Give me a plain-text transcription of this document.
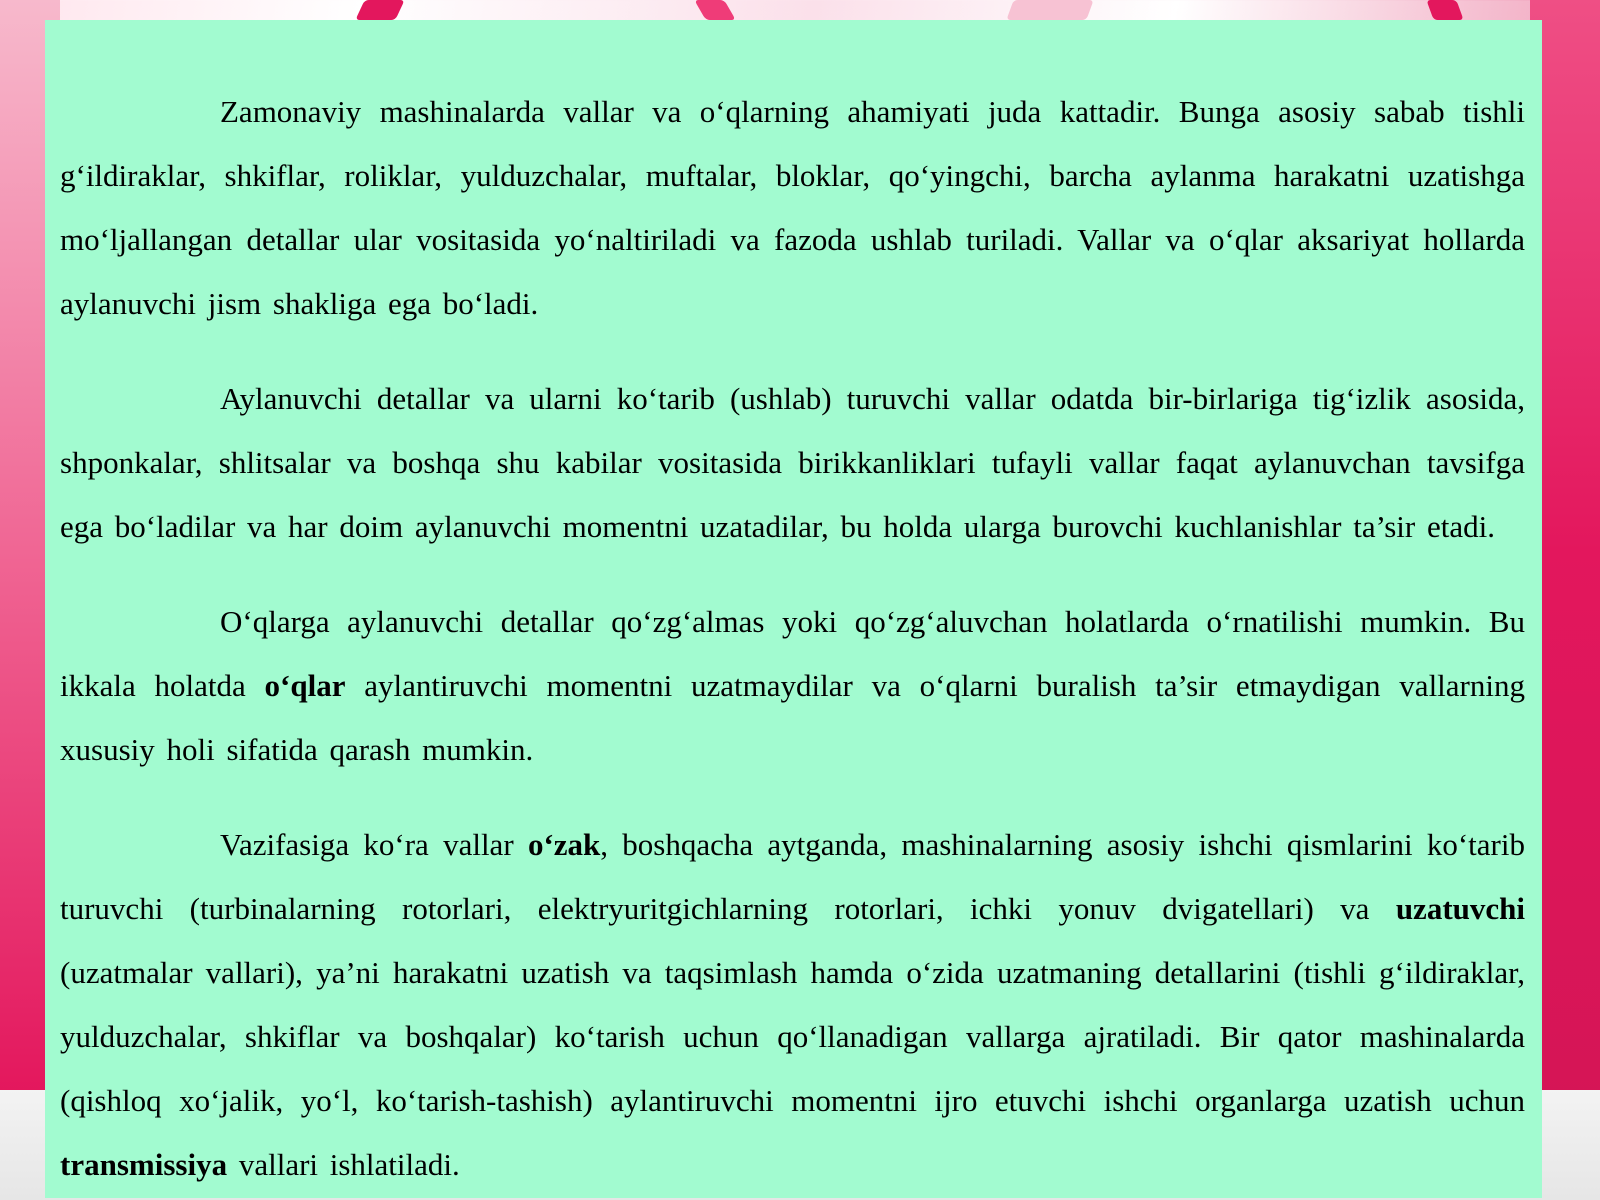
Zamonaviy mashinalarda vallar va o‘qlarning ahamiyati juda kattadir. Bunga asosiy sabab tishli g‘ildiraklar, shkiflar, roliklar, yulduzchalar, muftalar, bloklar, qo‘yingchi, barcha aylanma harakatni uzatishga mo‘ljallangan detallar ular vositasida yo‘naltiriladi va fazoda ushlab turiladi. Vallar va o‘qlar aksariyat hollarda aylanuvchi jism shakliga ega bo‘ladi.

Aylanuvchi detallar va ularni ko‘tarib (ushlab) turuvchi vallar odatda bir-birlariga tig‘izlik asosida, shponkalar, shlitsalar va boshqa shu kabilar vositasida birikkanliklari tufayli vallar faqat aylanuvchan tavsifga ega bo‘ladilar va har doim aylanuvchi momentni uzatadilar, bu holda ularga burovchi kuchlanishlar ta’sir etadi.

O‘qlarga aylanuvchi detallar qo‘zg‘almas yoki qo‘zg‘aluvchan holatlarda o‘rnatilishi mumkin. Bu ikkala holatda o‘qlar aylantiruvchi momentni uzatmaydilar va o‘qlarni buralish ta’sir etmaydigan vallarning xususiy holi sifatida qarash mumkin.

Vazifasiga ko‘ra vallar o‘zak, boshqacha aytganda, mashinalarning asosiy ishchi qismlarini ko‘tarib turuvchi (turbinalarning rotorlari, elektryuritgichlarning rotorlari, ichki yonuv dvigatellari) va uzatuvchi (uzatmalar vallari), ya’ni harakatni uzatish va taqsimlash hamda o‘zida uzatmaning detallarini (tishli g‘ildiraklar, yulduzchalar, shkiflar va boshqalar) ko‘tarish uchun qo‘llanadigan vallarga ajratiladi. Bir qator mashinalarda (qishloq xo‘jalik, yo‘l, ko‘tarish-tashish) aylantiruvchi momentni ijro etuvchi ishchi organlarga uzatish uchun transmissiya vallari ishlatiladi.
